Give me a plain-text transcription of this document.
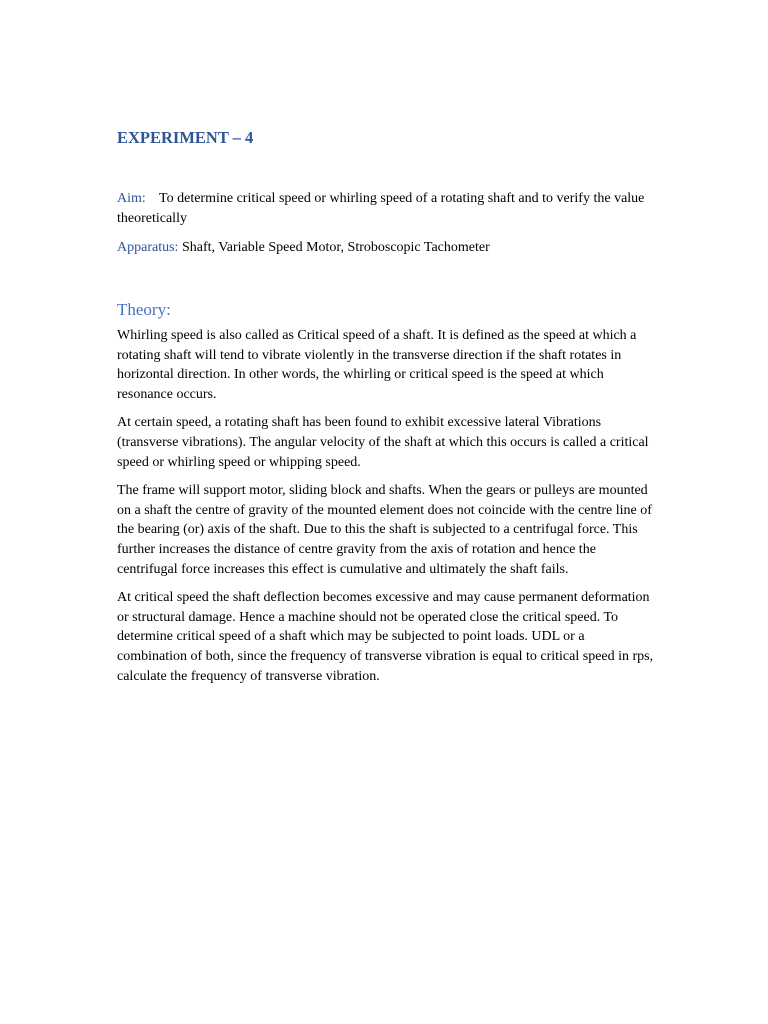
EXPERIMENT – 4

Aim: To determine critical speed or whirling speed of a rotating shaft and to verify the value theoretically

Apparatus: Shaft, Variable Speed Motor, Stroboscopic Tachometer

Theory:

Whirling speed is also called as Critical speed of a shaft. It is defined as the speed at which a rotating shaft will tend to vibrate violently in the transverse direction if the shaft rotates in horizontal direction. In other words, the whirling or critical speed is the speed at which resonance occurs.

At certain speed, a rotating shaft has been found to exhibit excessive lateral Vibrations (transverse vibrations). The angular velocity of the shaft at which this occurs is called a critical speed or whirling speed or whipping speed.

The frame will support motor, sliding block and shafts. When the gears or pulleys are mounted on a shaft the centre of gravity of the mounted element does not coincide with the centre line of the bearing (or) axis of the shaft. Due to this the shaft is subjected to a centrifugal force. This further increases the distance of centre gravity from the axis of rotation and hence the centrifugal force increases this effect is cumulative and ultimately the shaft fails.

At critical speed the shaft deflection becomes excessive and may cause permanent deformation or structural damage. Hence a machine should not be operated close the critical speed. To determine critical speed of a shaft which may be subjected to point loads. UDL or a combination of both, since the frequency of transverse vibration is equal to critical speed in rps, calculate the frequency of transverse vibration.
